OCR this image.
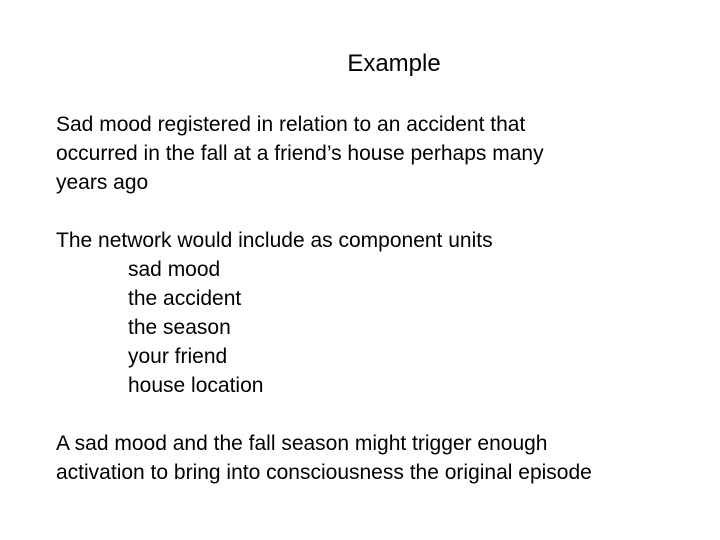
Example

Sad mood registered in relation to an accident that
occurred in the fall at a friend’s house perhaps many
years ago

The network would include as component units
sad mood
the accident
the season
your friend
house location

A sad mood and the fall season might trigger enough
activation to bring into consciousness the original episode
